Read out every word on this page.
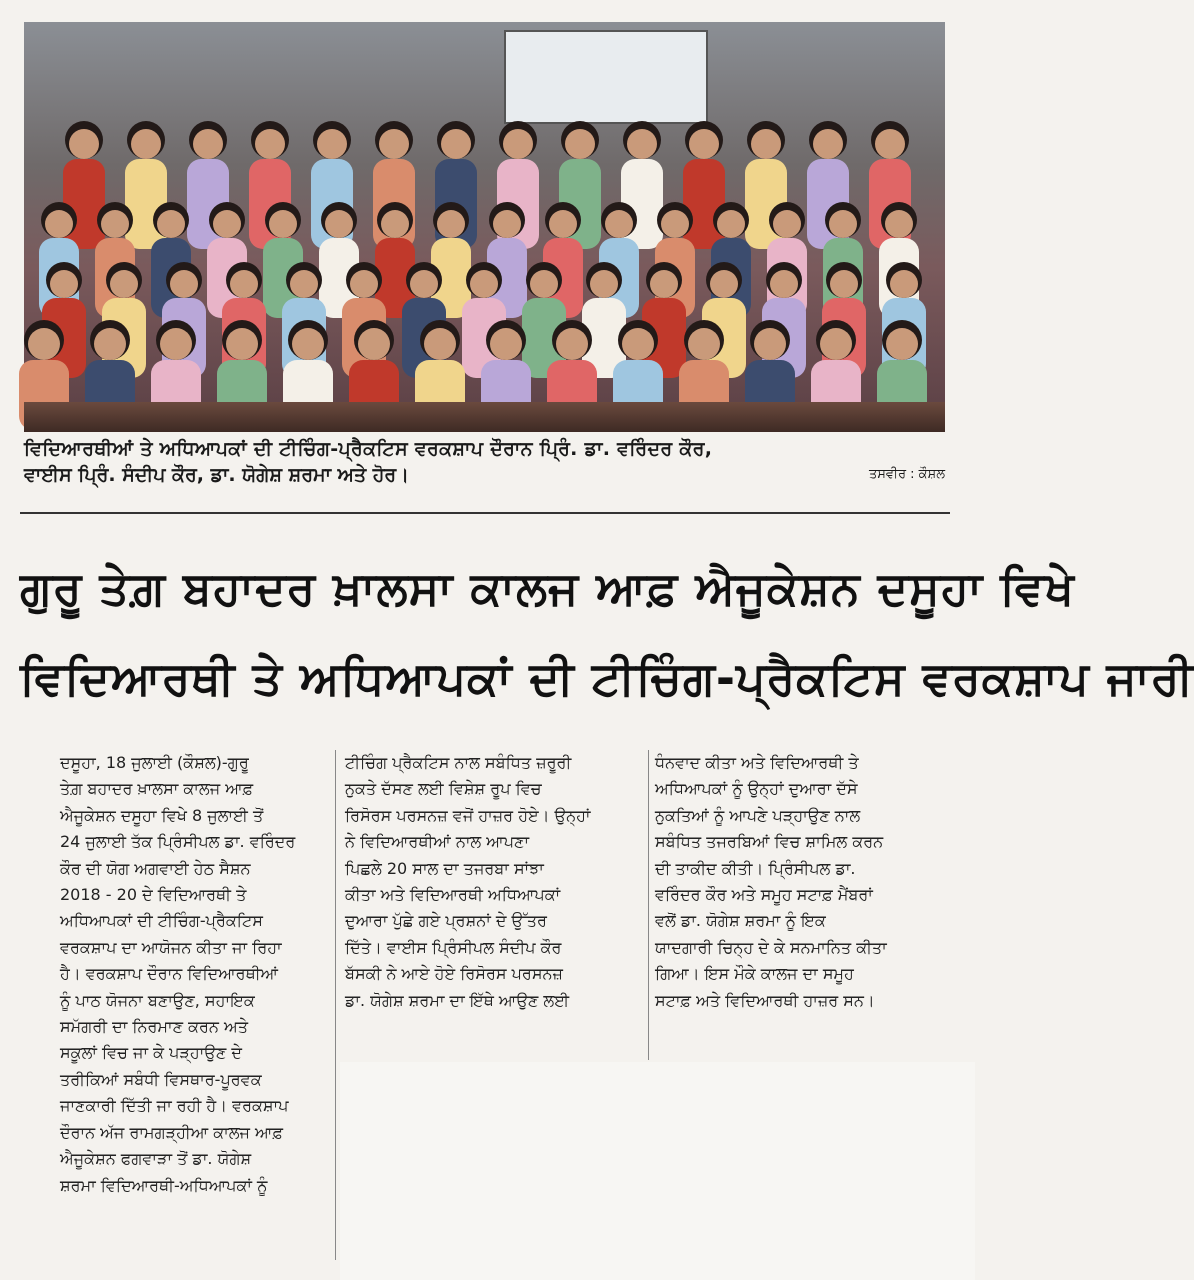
ਵਿਦਿਆਰਥੀਆਂ ਤੇ ਅਧਿਆਪਕਾਂ ਦੀ ਟੀਚਿੰਗ-ਪ੍ਰੈਕਟਿਸ ਵਰਕਸ਼ਾਪ ਦੌਰਾਨ ਪ੍ਰਿੰ. ਡਾ. ਵਰਿੰਦਰ ਕੌਰ,
ਵਾਈਸ ਪ੍ਰਿੰ. ਸੰਦੀਪ ਕੌਰ, ਡਾ. ਯੋਗੇਸ਼ ਸ਼ਰਮਾ ਅਤੇ ਹੋਰ।	ਤਸਵੀਰ : ਕੌਸ਼ਲ
ਗੁਰੂ ਤੇਗ਼ ਬਹਾਦਰ ਖ਼ਾਲਸਾ ਕਾਲਜ ਆਫ਼ ਐਜੂਕੇਸ਼ਨ ਦਸੂਹਾ ਵਿਖੇ
ਵਿਦਿਆਰਥੀ ਤੇ ਅਧਿਆਪਕਾਂ ਦੀ ਟੀਚਿੰਗ-ਪ੍ਰੈਕਟਿਸ ਵਰਕਸ਼ਾਪ ਜਾਰੀ
ਦਸੂਹਾ, 18 ਜੁਲਾਈ (ਕੌਸ਼ਲ)-ਗੁਰੂ
ਤੇਗ਼ ਬਹਾਦਰ ਖ਼ਾਲਸਾ ਕਾਲਜ ਆਫ਼
ਐਜੂਕੇਸ਼ਨ ਦਸੂਹਾ ਵਿਖੇ 8 ਜੁਲਾਈ ਤੋਂ
24 ਜੁਲਾਈ ਤੱਕ ਪ੍ਰਿੰਸੀਪਲ ਡਾ. ਵਰਿੰਦਰ
ਕੌਰ ਦੀ ਯੋਗ ਅਗਵਾਈ ਹੇਠ ਸੈਸ਼ਨ
2018 - 20 ਦੇ ਵਿਦਿਆਰਥੀ ਤੇ
ਅਧਿਆਪਕਾਂ ਦੀ ਟੀਚਿੰਗ-ਪ੍ਰੈਕਟਿਸ
ਵਰਕਸ਼ਾਪ ਦਾ ਆਯੋਜਨ ਕੀਤਾ ਜਾ ਰਿਹਾ
ਹੈ। ਵਰਕਸ਼ਾਪ ਦੌਰਾਨ ਵਿਦਿਆਰਥੀਆਂ
ਨੂੰ ਪਾਠ ਯੋਜਨਾ ਬਣਾਉਣ, ਸਹਾਇਕ
ਸਮੱਗਰੀ ਦਾ ਨਿਰਮਾਣ ਕਰਨ ਅਤੇ
ਸਕੂਲਾਂ ਵਿਚ ਜਾ ਕੇ ਪੜ੍ਹਾਉਣ ਦੇ
ਤਰੀਕਿਆਂ ਸਬੰਧੀ ਵਿਸਥਾਰ-ਪੂਰਵਕ
ਜਾਣਕਾਰੀ ਦਿੱਤੀ ਜਾ ਰਹੀ ਹੈ। ਵਰਕਸ਼ਾਪ
ਦੌਰਾਨ ਅੱਜ ਰਾਮਗੜ੍ਹੀਆ ਕਾਲਜ ਆਫ਼
ਐਜੂਕੇਸ਼ਨ ਫਗਵਾੜਾ ਤੋਂ ਡਾ. ਯੋਗੇਸ਼
ਸ਼ਰਮਾ ਵਿਦਿਆਰਥੀ-ਅਧਿਆਪਕਾਂ ਨੂੰ
ਟੀਚਿੰਗ ਪ੍ਰੈਕਟਿਸ ਨਾਲ ਸਬੰਧਿਤ ਜ਼ਰੂਰੀ
ਨੁਕਤੇ ਦੱਸਣ ਲਈ ਵਿਸ਼ੇਸ਼ ਰੂਪ ਵਿਚ
ਰਿਸੋਰਸ ਪਰਸਨਜ਼ ਵਜੋਂ ਹਾਜ਼ਰ ਹੋਏ। ਉਨ੍ਹਾਂ
ਨੇ ਵਿਦਿਆਰਥੀਆਂ ਨਾਲ ਆਪਣਾ
ਪਿਛਲੇ 20 ਸਾਲ ਦਾ ਤਜਰਬਾ ਸਾਂਝਾ
ਕੀਤਾ ਅਤੇ ਵਿਦਿਆਰਥੀ ਅਧਿਆਪਕਾਂ
ਦੁਆਰਾ ਪੁੱਛੇ ਗਏ ਪ੍ਰਸ਼ਨਾਂ ਦੇ ਉੱਤਰ
ਦਿੱਤੇ। ਵਾਈਸ ਪ੍ਰਿੰਸੀਪਲ ਸੰਦੀਪ ਕੌਰ
ਬੱਸਕੀ ਨੇ ਆਏ ਹੋਏ ਰਿਸੋਰਸ ਪਰਸਨਜ਼
ਡਾ. ਯੋਗੇਸ਼ ਸ਼ਰਮਾ ਦਾ ਇੱਥੇ ਆਉਣ ਲਈ
ਧੰਨਵਾਦ ਕੀਤਾ ਅਤੇ ਵਿਦਿਆਰਥੀ ਤੇ
ਅਧਿਆਪਕਾਂ ਨੂੰ ਉਨ੍ਹਾਂ ਦੁਆਰਾ ਦੱਸੇ
ਨੁਕਤਿਆਂ ਨੂੰ ਆਪਣੇ ਪੜ੍ਹਾਉਣ ਨਾਲ
ਸਬੰਧਿਤ ਤਜਰਬਿਆਂ ਵਿਚ ਸ਼ਾਮਿਲ ਕਰਨ
ਦੀ ਤਾਕੀਦ ਕੀਤੀ। ਪ੍ਰਿੰਸੀਪਲ ਡਾ.
ਵਰਿੰਦਰ ਕੌਰ ਅਤੇ ਸਮੂਹ ਸਟਾਫ਼ ਮੈਂਬਰਾਂ
ਵਲੋਂ ਡਾ. ਯੋਗੇਸ਼ ਸ਼ਰਮਾ ਨੂੰ ਇਕ
ਯਾਦਗਾਰੀ ਚਿਨ੍ਹ ਦੇ ਕੇ ਸਨਮਾਨਿਤ ਕੀਤਾ
ਗਿਆ। ਇਸ ਮੌਕੇ ਕਾਲਜ ਦਾ ਸਮੂਹ
ਸਟਾਫ਼ ਅਤੇ ਵਿਦਿਆਰਥੀ ਹਾਜ਼ਰ ਸਨ।
